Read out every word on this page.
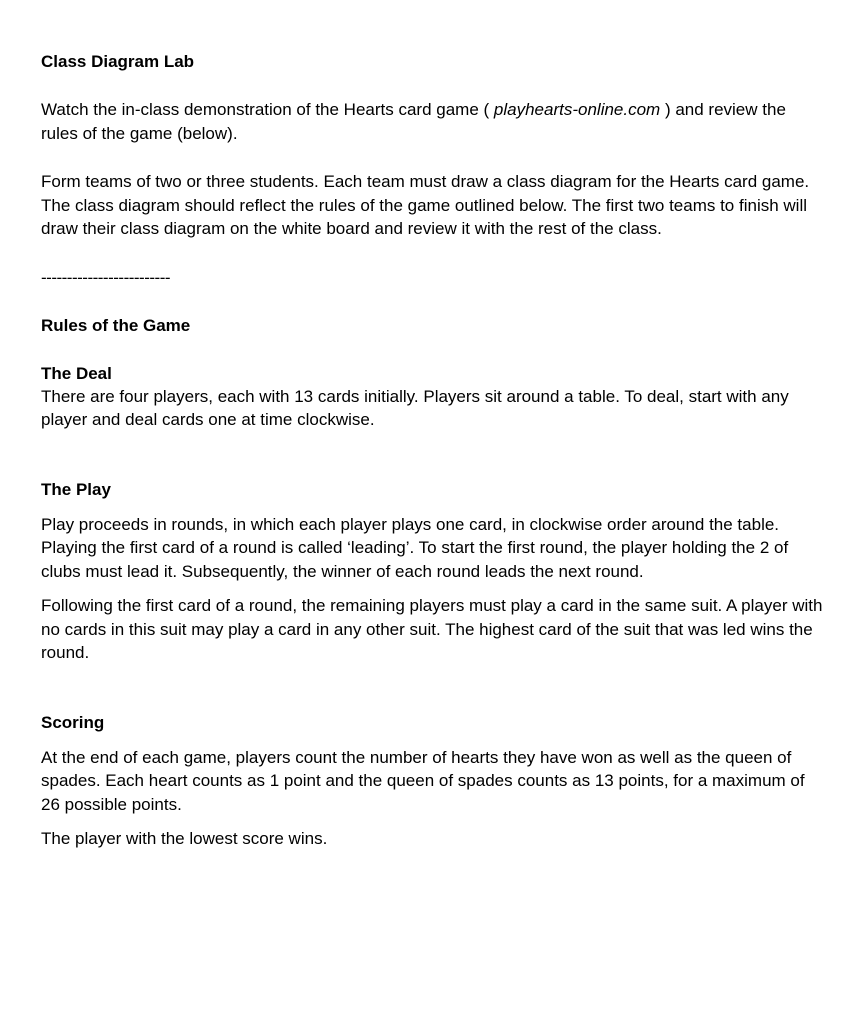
Class Diagram Lab

Watch the in-class demonstration of the Hearts card game ( playhearts-online.com ) and review the rules of the game (below).

Form teams of two or three students. Each team must draw a class diagram for the Hearts card game. The class diagram should reflect the rules of the game outlined below. The first two teams to finish will draw their class diagram on the white board and review it with the rest of the class.

-------------------------
Rules of the Game
The Deal

There are four players, each with 13 cards initially. Players sit around a table. To deal, start with any player and deal cards one at time clockwise.

The Play

Play proceeds in rounds, in which each player plays one card, in clockwise order around the table. Playing the first card of a round is called ‘leading’. To start the first round, the player holding the 2 of clubs must lead it. Subsequently, the winner of each round leads the next round.

Following the first card of a round, the remaining players must play a card in the same suit. A player with no cards in this suit may play a card in any other suit. The highest card of the suit that was led wins the round.

Scoring

At the end of each game, players count the number of hearts they have won as well as the queen of spades. Each heart counts as 1 point and the queen of spades counts as 13 points, for a maximum of 26 possible points.

The player with the lowest score wins.
